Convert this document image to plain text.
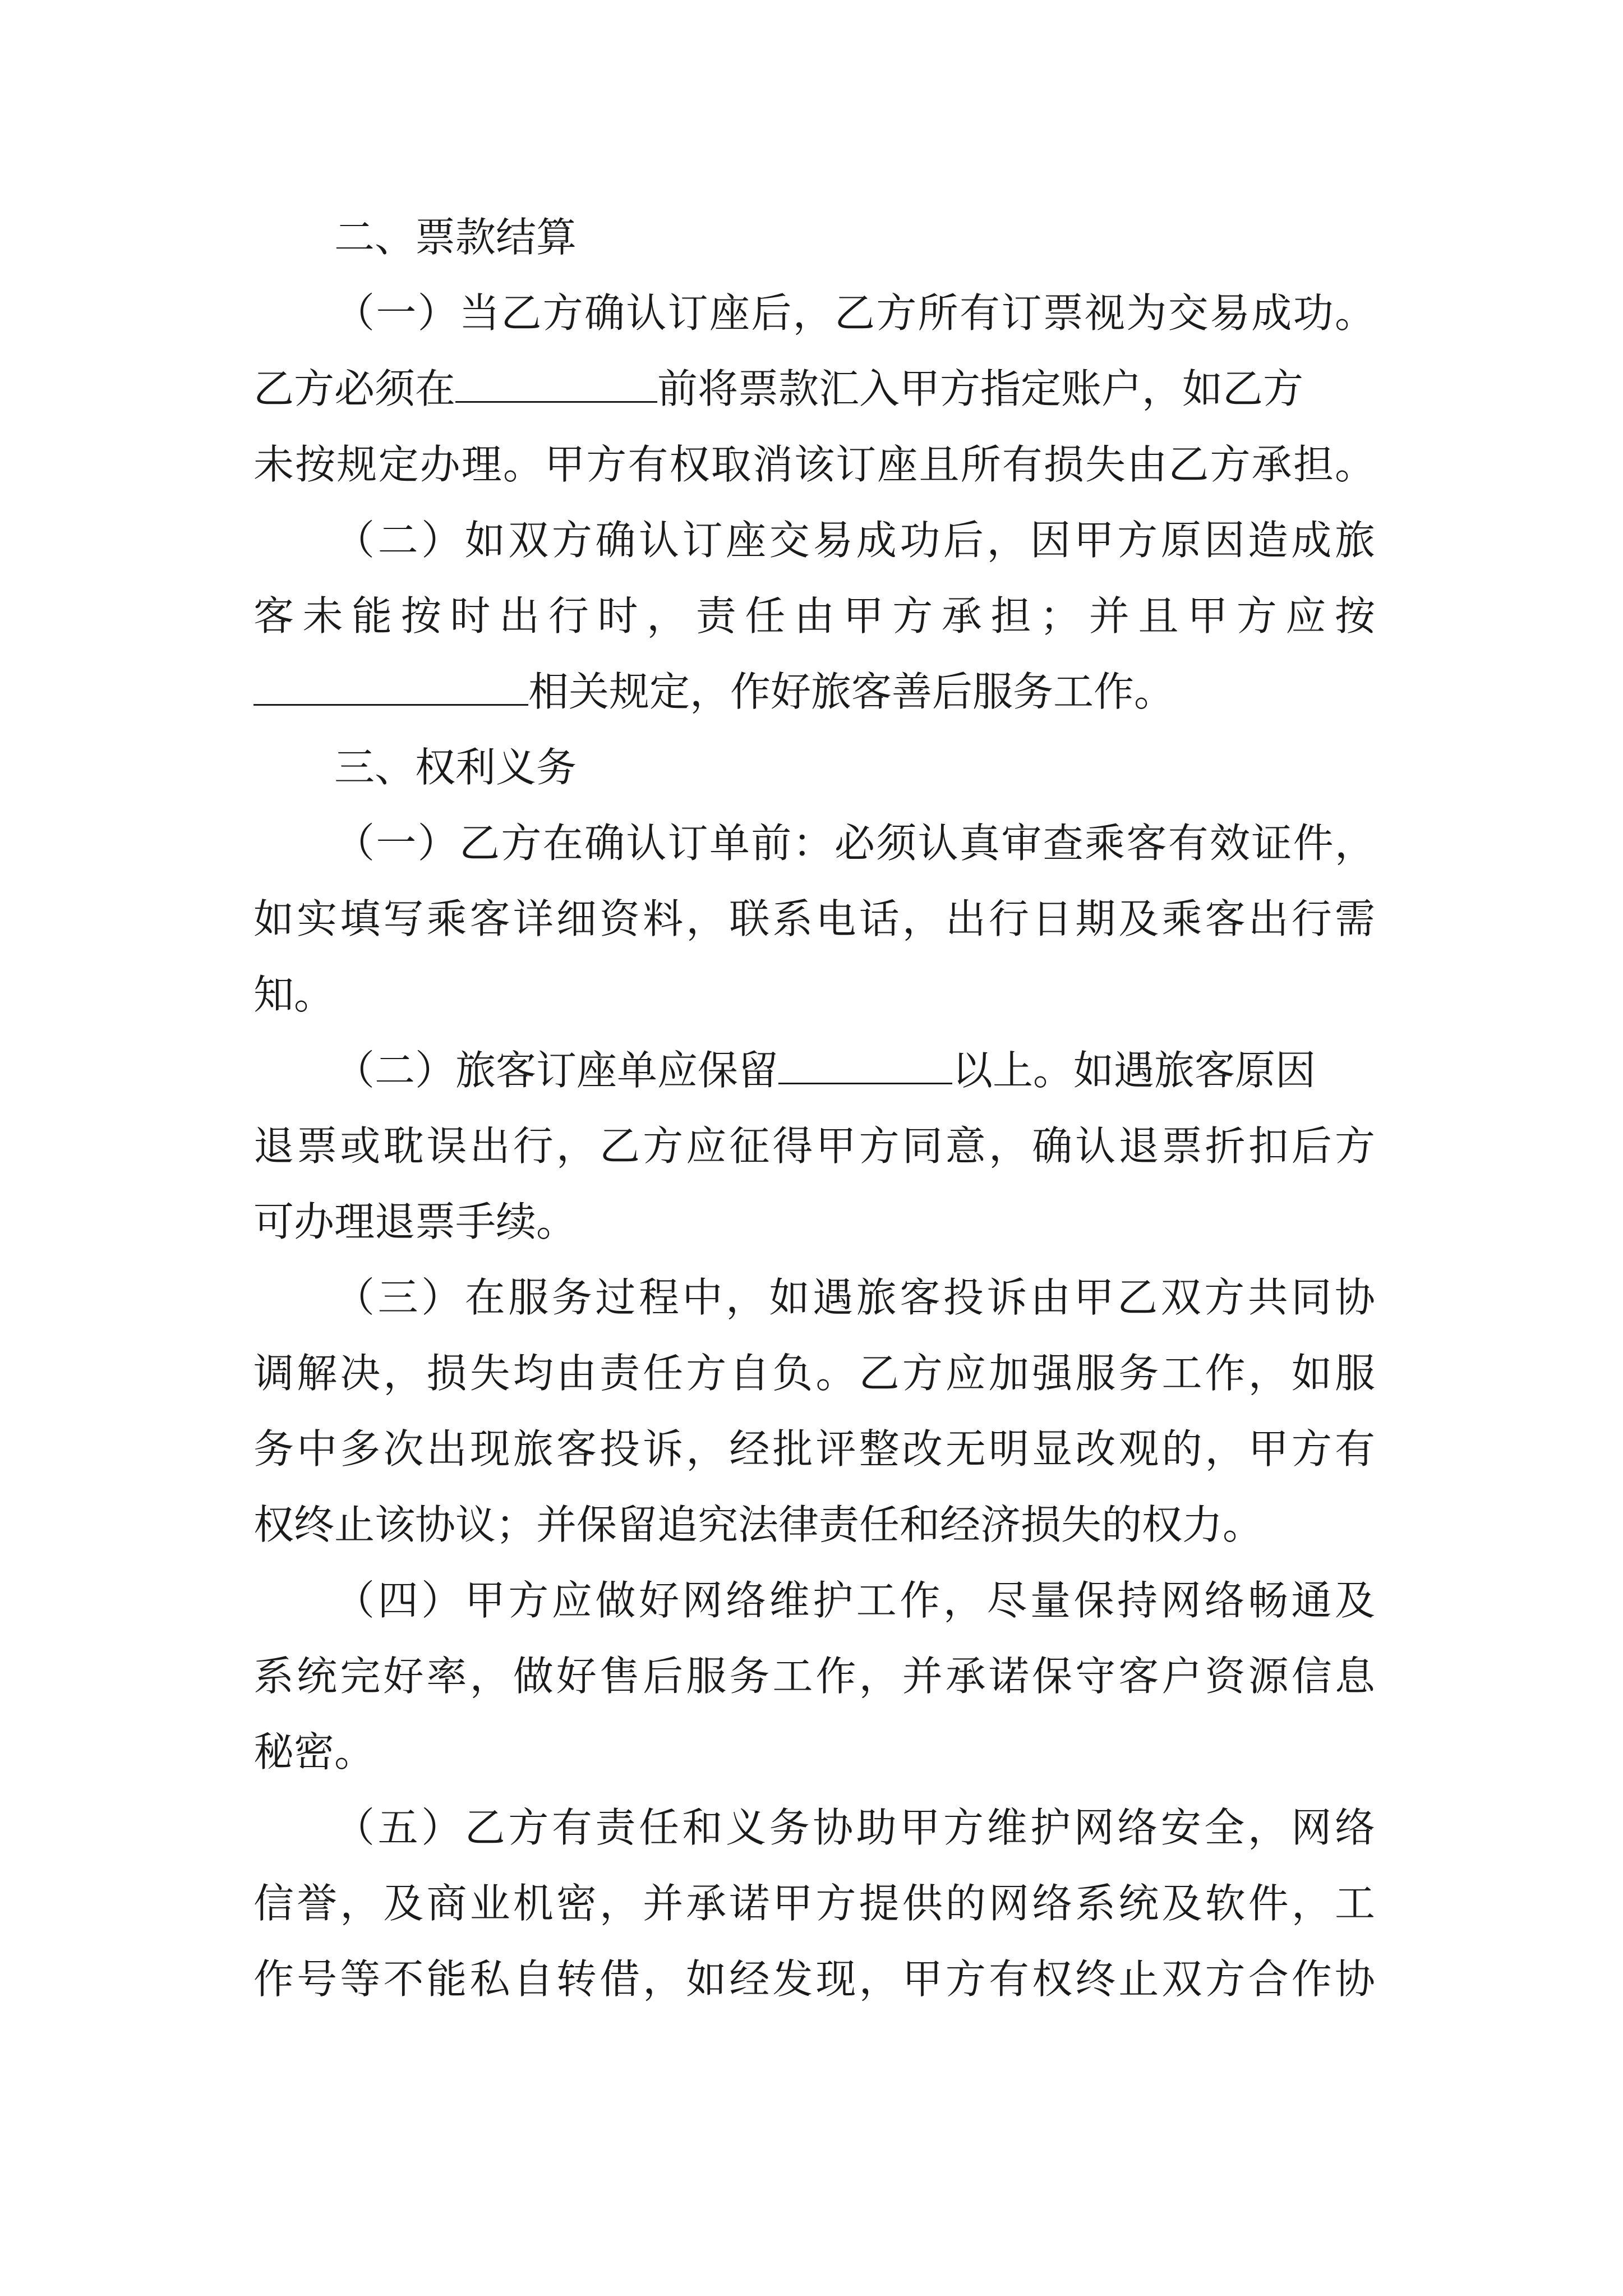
二、票款结算
（一）当乙方确认订座后，乙方所有订票视为交易成功。
乙方必须在	前将票款汇入甲方指定账户，如乙方
未按规定办理。甲方有权取消该订座且所有损失由乙方承担。
（二）如双方确认订座交易成功后，因甲方原因造成旅
客未能按时出行时，责任由甲方承担；并且甲方应按
相关规定，作好旅客善后服务工作。
三、权利义务
（一）乙方在确认订单前：必须认真审查乘客有效证件，
如实填写乘客详细资料，联系电话，出行日期及乘客出行需
知。
（二）旅客订座单应保留	以上。如遇旅客原因
退票或耽误出行，乙方应征得甲方同意，确认退票折扣后方
可办理退票手续。
（三）在服务过程中，如遇旅客投诉由甲乙双方共同协
调解决，损失均由责任方自负。乙方应加强服务工作，如服
务中多次出现旅客投诉，经批评整改无明显改观的，甲方有
权终止该协议；并保留追究法律责任和经济损失的权力。
（四）甲方应做好网络维护工作，尽量保持网络畅通及
系统完好率，做好售后服务工作，并承诺保守客户资源信息
秘密。
（五）乙方有责任和义务协助甲方维护网络安全，网络
信誉，及商业机密，并承诺甲方提供的网络系统及软件，工
作号等不能私自转借，如经发现，甲方有权终止双方合作协
